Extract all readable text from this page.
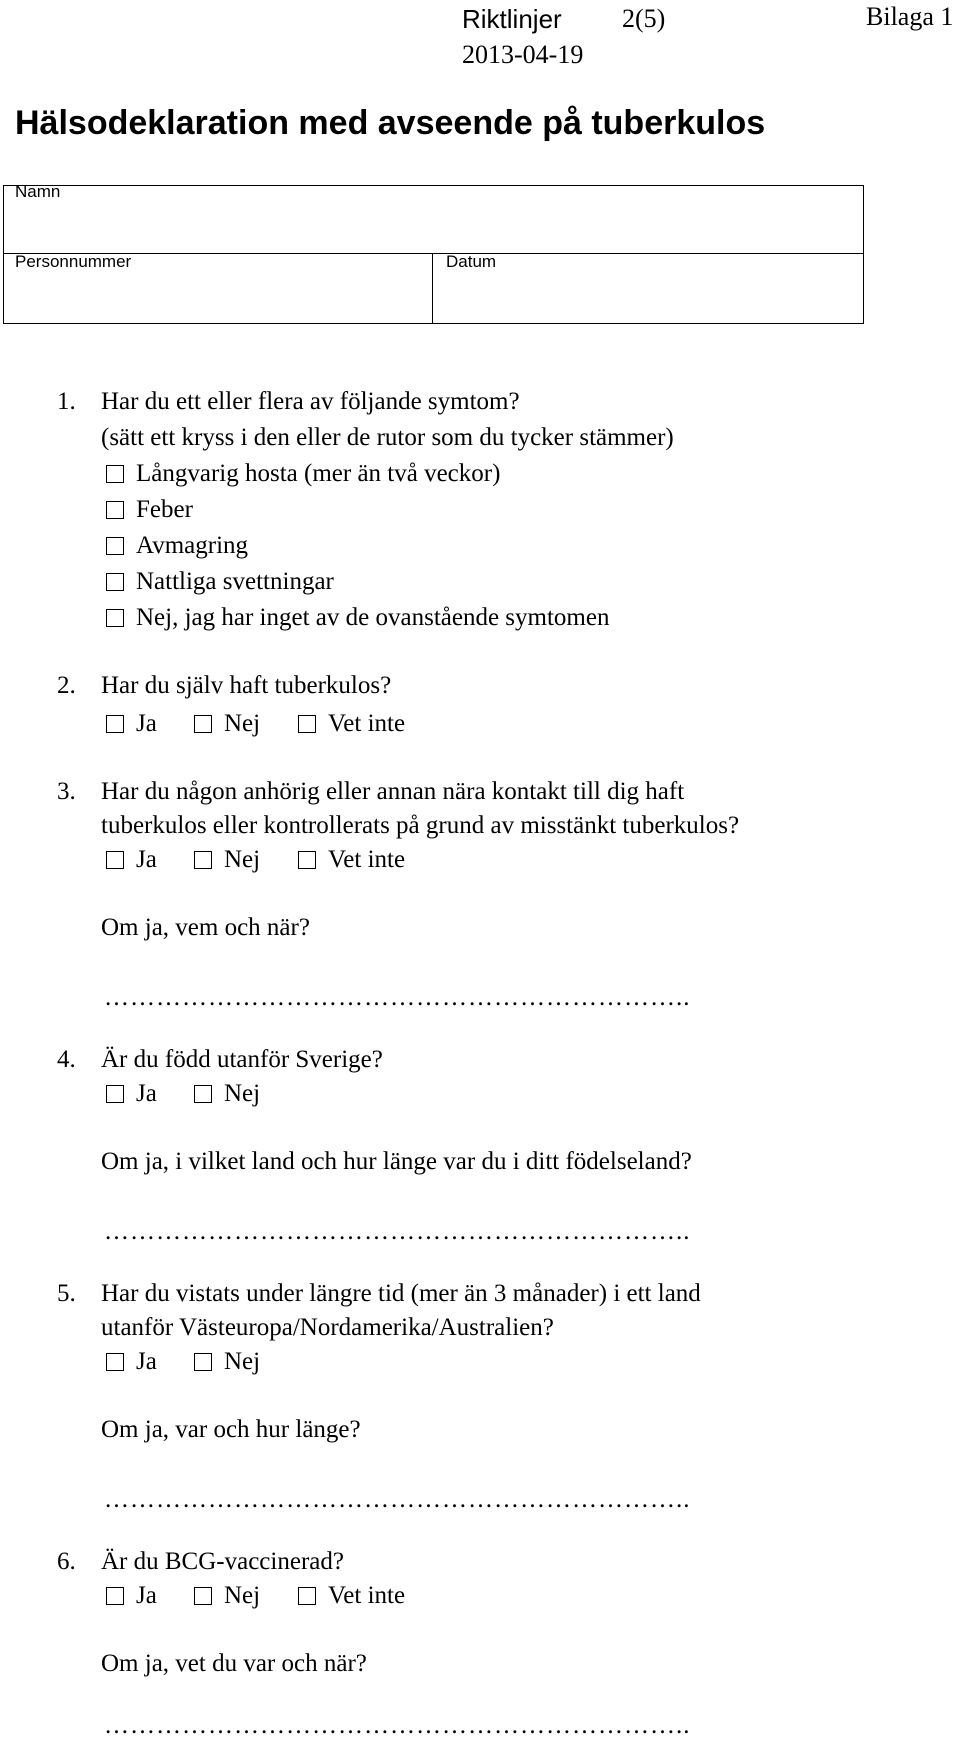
Riktlinjer 2(5)
2013-04-19
Bilaga 1
Hälsodeklaration med avseende på tuberkulos
Namn
Personnummer	Datum
1. Har du ett eller flera av följande symtom?
(sätt ett kryss i den eller de rutor som du tycker stämmer)
Långvarig hosta (mer än två veckor)
Feber
Avmagring
Nattliga svettningar
Nej, jag har inget av de ovanstående symtomen
2. Har du själv haft tuberkulos?
Ja	Nej	Vet inte
3. Har du någon anhörig eller annan nära kontakt till dig haft
tuberkulos eller kontrollerats på grund av misstänkt tuberkulos?
Ja	Nej	Vet inte
Om ja, vem och när?
…………………………………………………………..
4. Är du född utanför Sverige?
Ja	Nej
Om ja, i vilket land och hur länge var du i ditt födelseland?
…………………………………………………………..
5. Har du vistats under längre tid (mer än 3 månader) i ett land
utanför Västeuropa/Nordamerika/Australien?
Ja	Nej
Om ja, var och hur länge?
…………………………………………………………..
6. Är du BCG-vaccinerad?
Ja	Nej	Vet inte
Om ja, vet du var och när?
…………………………………………………………..
